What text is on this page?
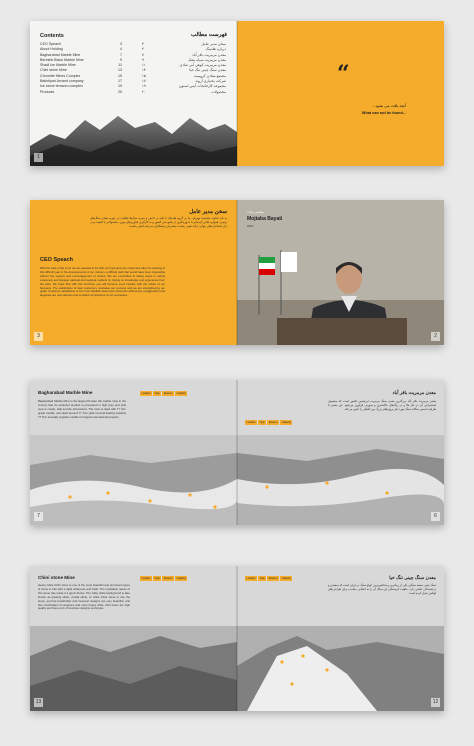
Contents	فهرست مطالب
CEO Speach	3
About Holding	4
Bagharabad Marble Mine	7
Bereshk Black Marble Mine	9
Shadi Ice Marble Mine	11
Chini stone Mine	13
Chromite Mines Complex	15
Bakhtiyari Arvand company	17
Ice stone terrazzo complex	19
Products	20
سخن مدیر عامل
۳
درباره هلدینگ
۴
معدن مرمریت باقر آباد
۷
معدن مرمریت سیاه بشک
۹
معدن مرمریت کوهی آبی شادی
۱۱
معدن سنگ چینی تنگ خیا
۱۳
مجتمع معادن کرومیت
۱۵
شرکت بختیاری آروند
۱۷
مجموعه کارخانجات آیس استون
۱۹
محصولات
۲۰
1
“
آنچه یافت می نشود...
What can not be found...
سخن مدیر عامل
به نام خداوند بخشنده مهربان، ما در گروه هلدینگ با تکیه بر دانش و تجربه سال‌ها فعالیت در حوزه معادن سنگ‌های تزئینی، همواره تلاش کرده‌ایم تا با بهره‌گیری از منابع غنی کشور و به کارگیری فناوری‌های نوین، محصولاتی با کیفیت و در تراز استانداردهای جهانی ارائه دهیم. رضایت مشتریان و همکاران سرمایه اصلی ماست.
CEO Speach
With the help of the Lord, we are pleased to be with our loyal and new customers after the passing of this difficult year in the developments of our mission, a difficult path that would have been impossible without the support and encouragement of miners. We are committed to taking steps to satisfy customers and develop national and regional markets by relying on knowledge and experience from the past. We hope that with this brochure you will become more familiar with the whole of our business. The satisfaction of dear customers motivates our success and we are strengthening our goals. Customer satisfaction is our most valuable asset and customers without any exaggeration and elegance are real partners and constant companions of our successes.
3
مجتبی بیات
Mojtaba Bayati
CEO
2
Bagharabad Marble Mine	Location	Type	Reserve	Capacity
Bagharabad Marble Mine is the largest Persian silk marble mine in the country that its extracted product is processed in high grey and pink tone to create, slab and tile dimensions. The mine is rated with 77 Tom grade marble, and rated around 77 Tom yield nominal loading capacity 77 Tom annually supplies marble for largest international projects.
7
معدن مرمریت باقر آباد
معدن مرمریت باقر آباد بزرگترین معدن سنگ مرمریت ابریشمی کشور است که محصول استخراجی آن در تناژ بالا و در رنگ‌های خاکستری و صورتی فرآوری می‌شود. این معدن با ظرفیت اسمی سالانه سنگ مورد نیاز پروژه‌های بزرگ بین المللی را تامین می‌کند.
Location	Type	Reserve	Capacity
6
Chini stone Mine	Location	Type	Reserve	Capacity
Heavy white Chini stone is one of the most beautiful and prominent types of stone in Iran with a rapid whiteness and fresh. The crystalline nature of this stone has made it a good choice. The milky white background is also known as glowing white, crystal white, or white Chini stone to use the stone, and the bookholder and forecourt designs are very beautiful, and this combination of elegance and more heavy white chini stone are high quality and have a lot of luxurious designs and styles.
13
معدن سنگ چینی تنگ خیا
سنگ چینی سفید سنگین یکی از زیباترین و شاخص‌ترین انواع سنگ در ایران است که سفیدی و درخشندگی خاصی دارد. ماهیت کریستالی این سنگ آن را به انتخابی مناسب برای طراحی‌های لوکس تبدیل کرده است.
Location	Type	Reserve	Capacity
12
